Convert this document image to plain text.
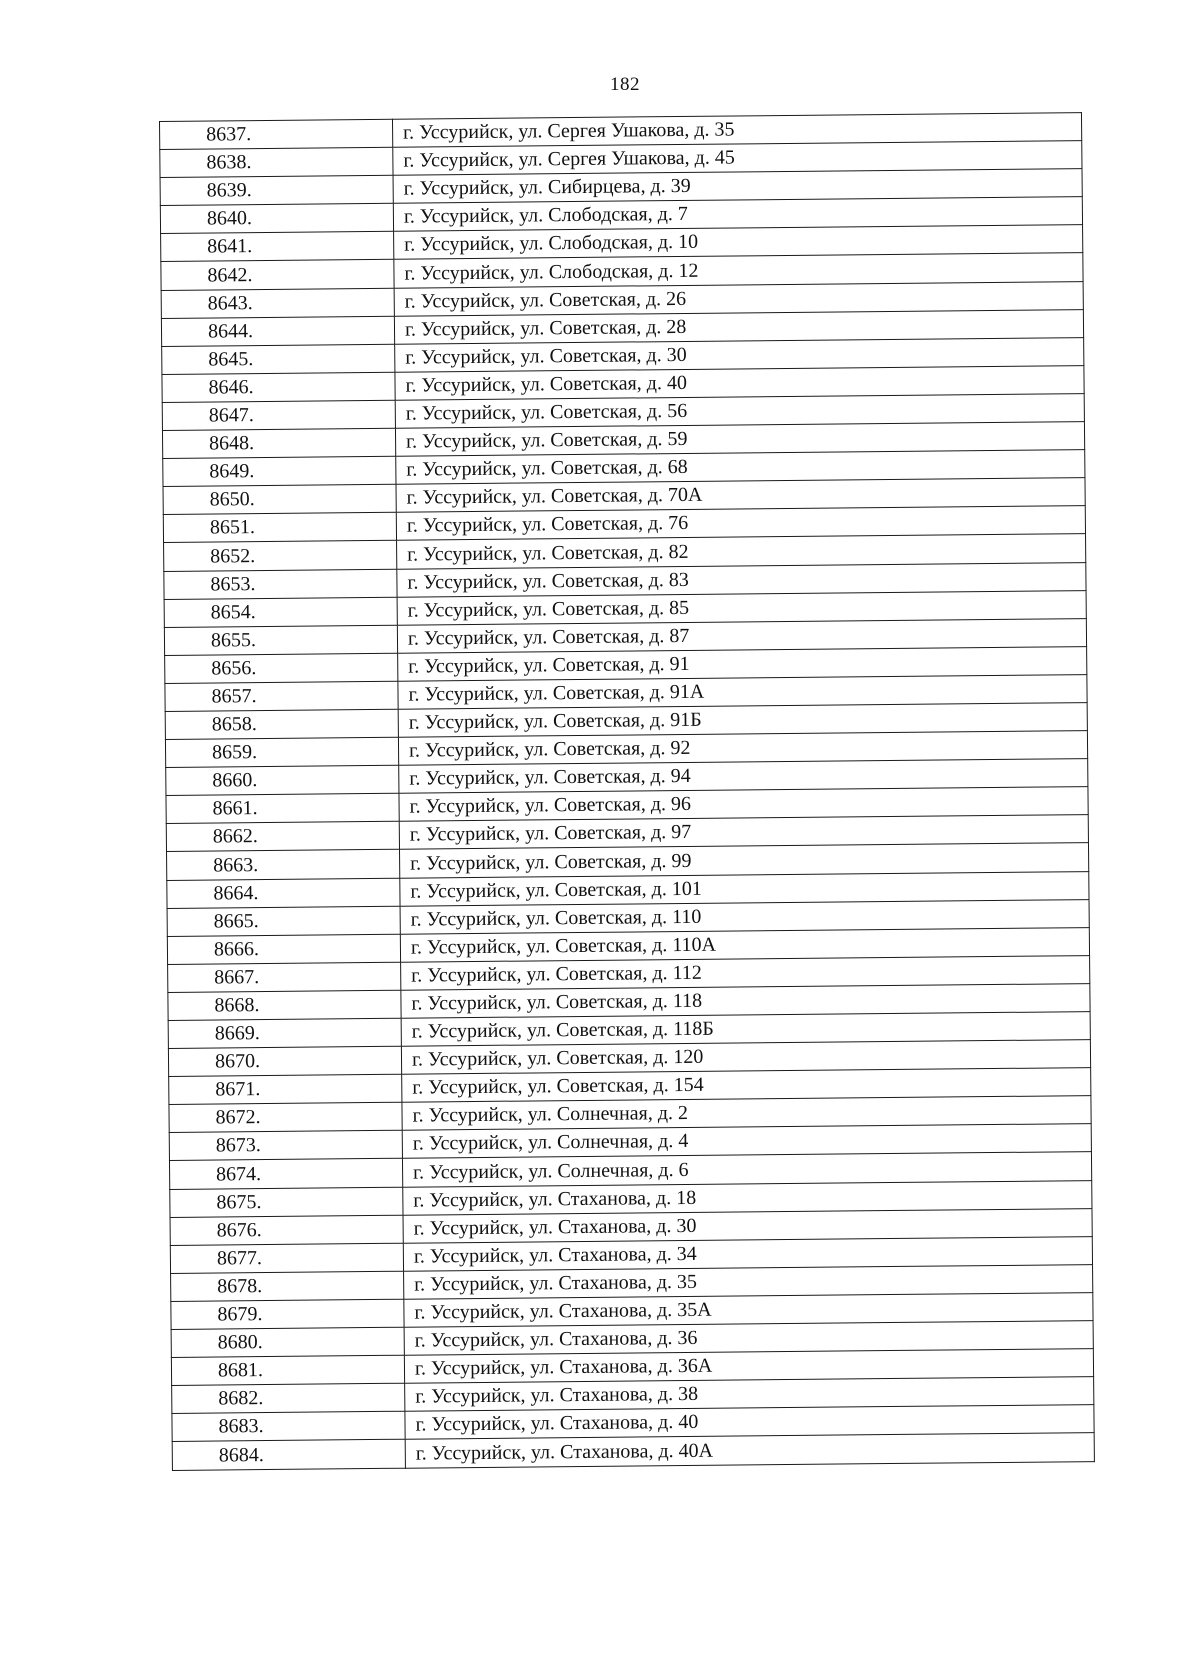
182
8637.	г. Уссурийск, ул. Сергея Ушакова, д. 35
8638.	г. Уссурийск, ул. Сергея Ушакова, д. 45
8639.	г. Уссурийск, ул. Сибирцева, д. 39
8640.	г. Уссурийск, ул. Слободская, д. 7
8641.	г. Уссурийск, ул. Слободская, д. 10
8642.	г. Уссурийск, ул. Слободская, д. 12
8643.	г. Уссурийск, ул. Советская, д. 26
8644.	г. Уссурийск, ул. Советская, д. 28
8645.	г. Уссурийск, ул. Советская, д. 30
8646.	г. Уссурийск, ул. Советская, д. 40
8647.	г. Уссурийск, ул. Советская, д. 56
8648.	г. Уссурийск, ул. Советская, д. 59
8649.	г. Уссурийск, ул. Советская, д. 68
8650.	г. Уссурийск, ул. Советская, д. 70А
8651.	г. Уссурийск, ул. Советская, д. 76
8652.	г. Уссурийск, ул. Советская, д. 82
8653.	г. Уссурийск, ул. Советская, д. 83
8654.	г. Уссурийск, ул. Советская, д. 85
8655.	г. Уссурийск, ул. Советская, д. 87
8656.	г. Уссурийск, ул. Советская, д. 91
8657.	г. Уссурийск, ул. Советская, д. 91А
8658.	г. Уссурийск, ул. Советская, д. 91Б
8659.	г. Уссурийск, ул. Советская, д. 92
8660.	г. Уссурийск, ул. Советская, д. 94
8661.	г. Уссурийск, ул. Советская, д. 96
8662.	г. Уссурийск, ул. Советская, д. 97
8663.	г. Уссурийск, ул. Советская, д. 99
8664.	г. Уссурийск, ул. Советская, д. 101
8665.	г. Уссурийск, ул. Советская, д. 110
8666.	г. Уссурийск, ул. Советская, д. 110А
8667.	г. Уссурийск, ул. Советская, д. 112
8668.	г. Уссурийск, ул. Советская, д. 118
8669.	г. Уссурийск, ул. Советская, д. 118Б
8670.	г. Уссурийск, ул. Советская, д. 120
8671.	г. Уссурийск, ул. Советская, д. 154
8672.	г. Уссурийск, ул. Солнечная, д. 2
8673.	г. Уссурийск, ул. Солнечная, д. 4
8674.	г. Уссурийск, ул. Солнечная, д. 6
8675.	г. Уссурийск, ул. Стаханова, д. 18
8676.	г. Уссурийск, ул. Стаханова, д. 30
8677.	г. Уссурийск, ул. Стаханова, д. 34
8678.	г. Уссурийск, ул. Стаханова, д. 35
8679.	г. Уссурийск, ул. Стаханова, д. 35А
8680.	г. Уссурийск, ул. Стаханова, д. 36
8681.	г. Уссурийск, ул. Стаханова, д. 36А
8682.	г. Уссурийск, ул. Стаханова, д. 38
8683.	г. Уссурийск, ул. Стаханова, д. 40
8684.	г. Уссурийск, ул. Стаханова, д. 40А
